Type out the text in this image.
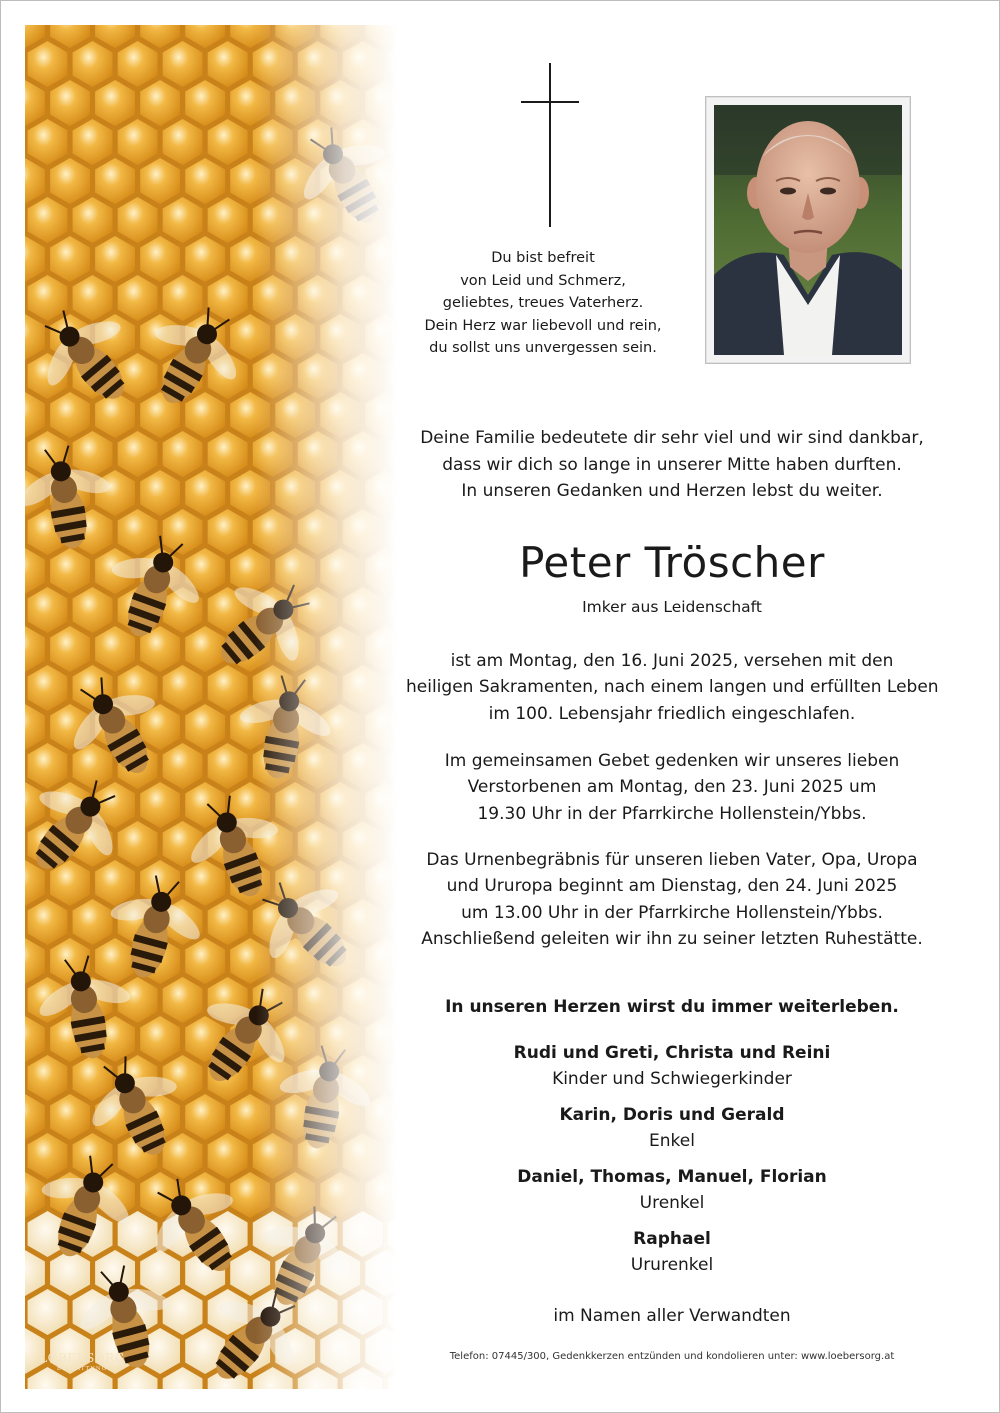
LÖBERSORG
BESTATTUNG
Du bist befreit
von Leid und Schmerz,
geliebtes, treues Vaterherz.
Dein Herz war liebevoll und rein,
du sollst uns unvergessen sein.
Deine Familie bedeutete dir sehr viel und wir sind dankbar,
dass wir dich so lange in unserer Mitte haben durften.
In unseren Gedanken und Herzen lebst du weiter.
Peter Tröscher
Imker aus Leidenschaft
ist am Montag, den 16. Juni 2025, versehen mit den
heiligen Sakramenten, nach einem langen und erfüllten Leben
im 100. Lebensjahr friedlich eingeschlafen.
Im gemeinsamen Gebet gedenken wir unseres lieben
Verstorbenen am Montag, den 23. Juni 2025 um
19.30 Uhr in der Pfarrkirche Hollenstein/Ybbs.
Das Urnenbegräbnis für unseren lieben Vater, Opa, Uropa
und Ururopa beginnt am Dienstag, den 24. Juni 2025
um 13.00 Uhr in der Pfarrkirche Hollenstein/Ybbs.
Anschließend geleiten wir ihn zu seiner letzten Ruhestätte.
In unseren Herzen wirst du immer weiterleben.
Rudi und Greti, Christa und Reini
Kinder und Schwiegerkinder
Karin, Doris und Gerald
Enkel
Daniel, Thomas, Manuel, Florian
Urenkel
Raphael
Ururenkel
im Namen aller Verwandten
Telefon: 07445/300, Gedenkkerzen entzünden und kondolieren unter: www.loebersorg.at
